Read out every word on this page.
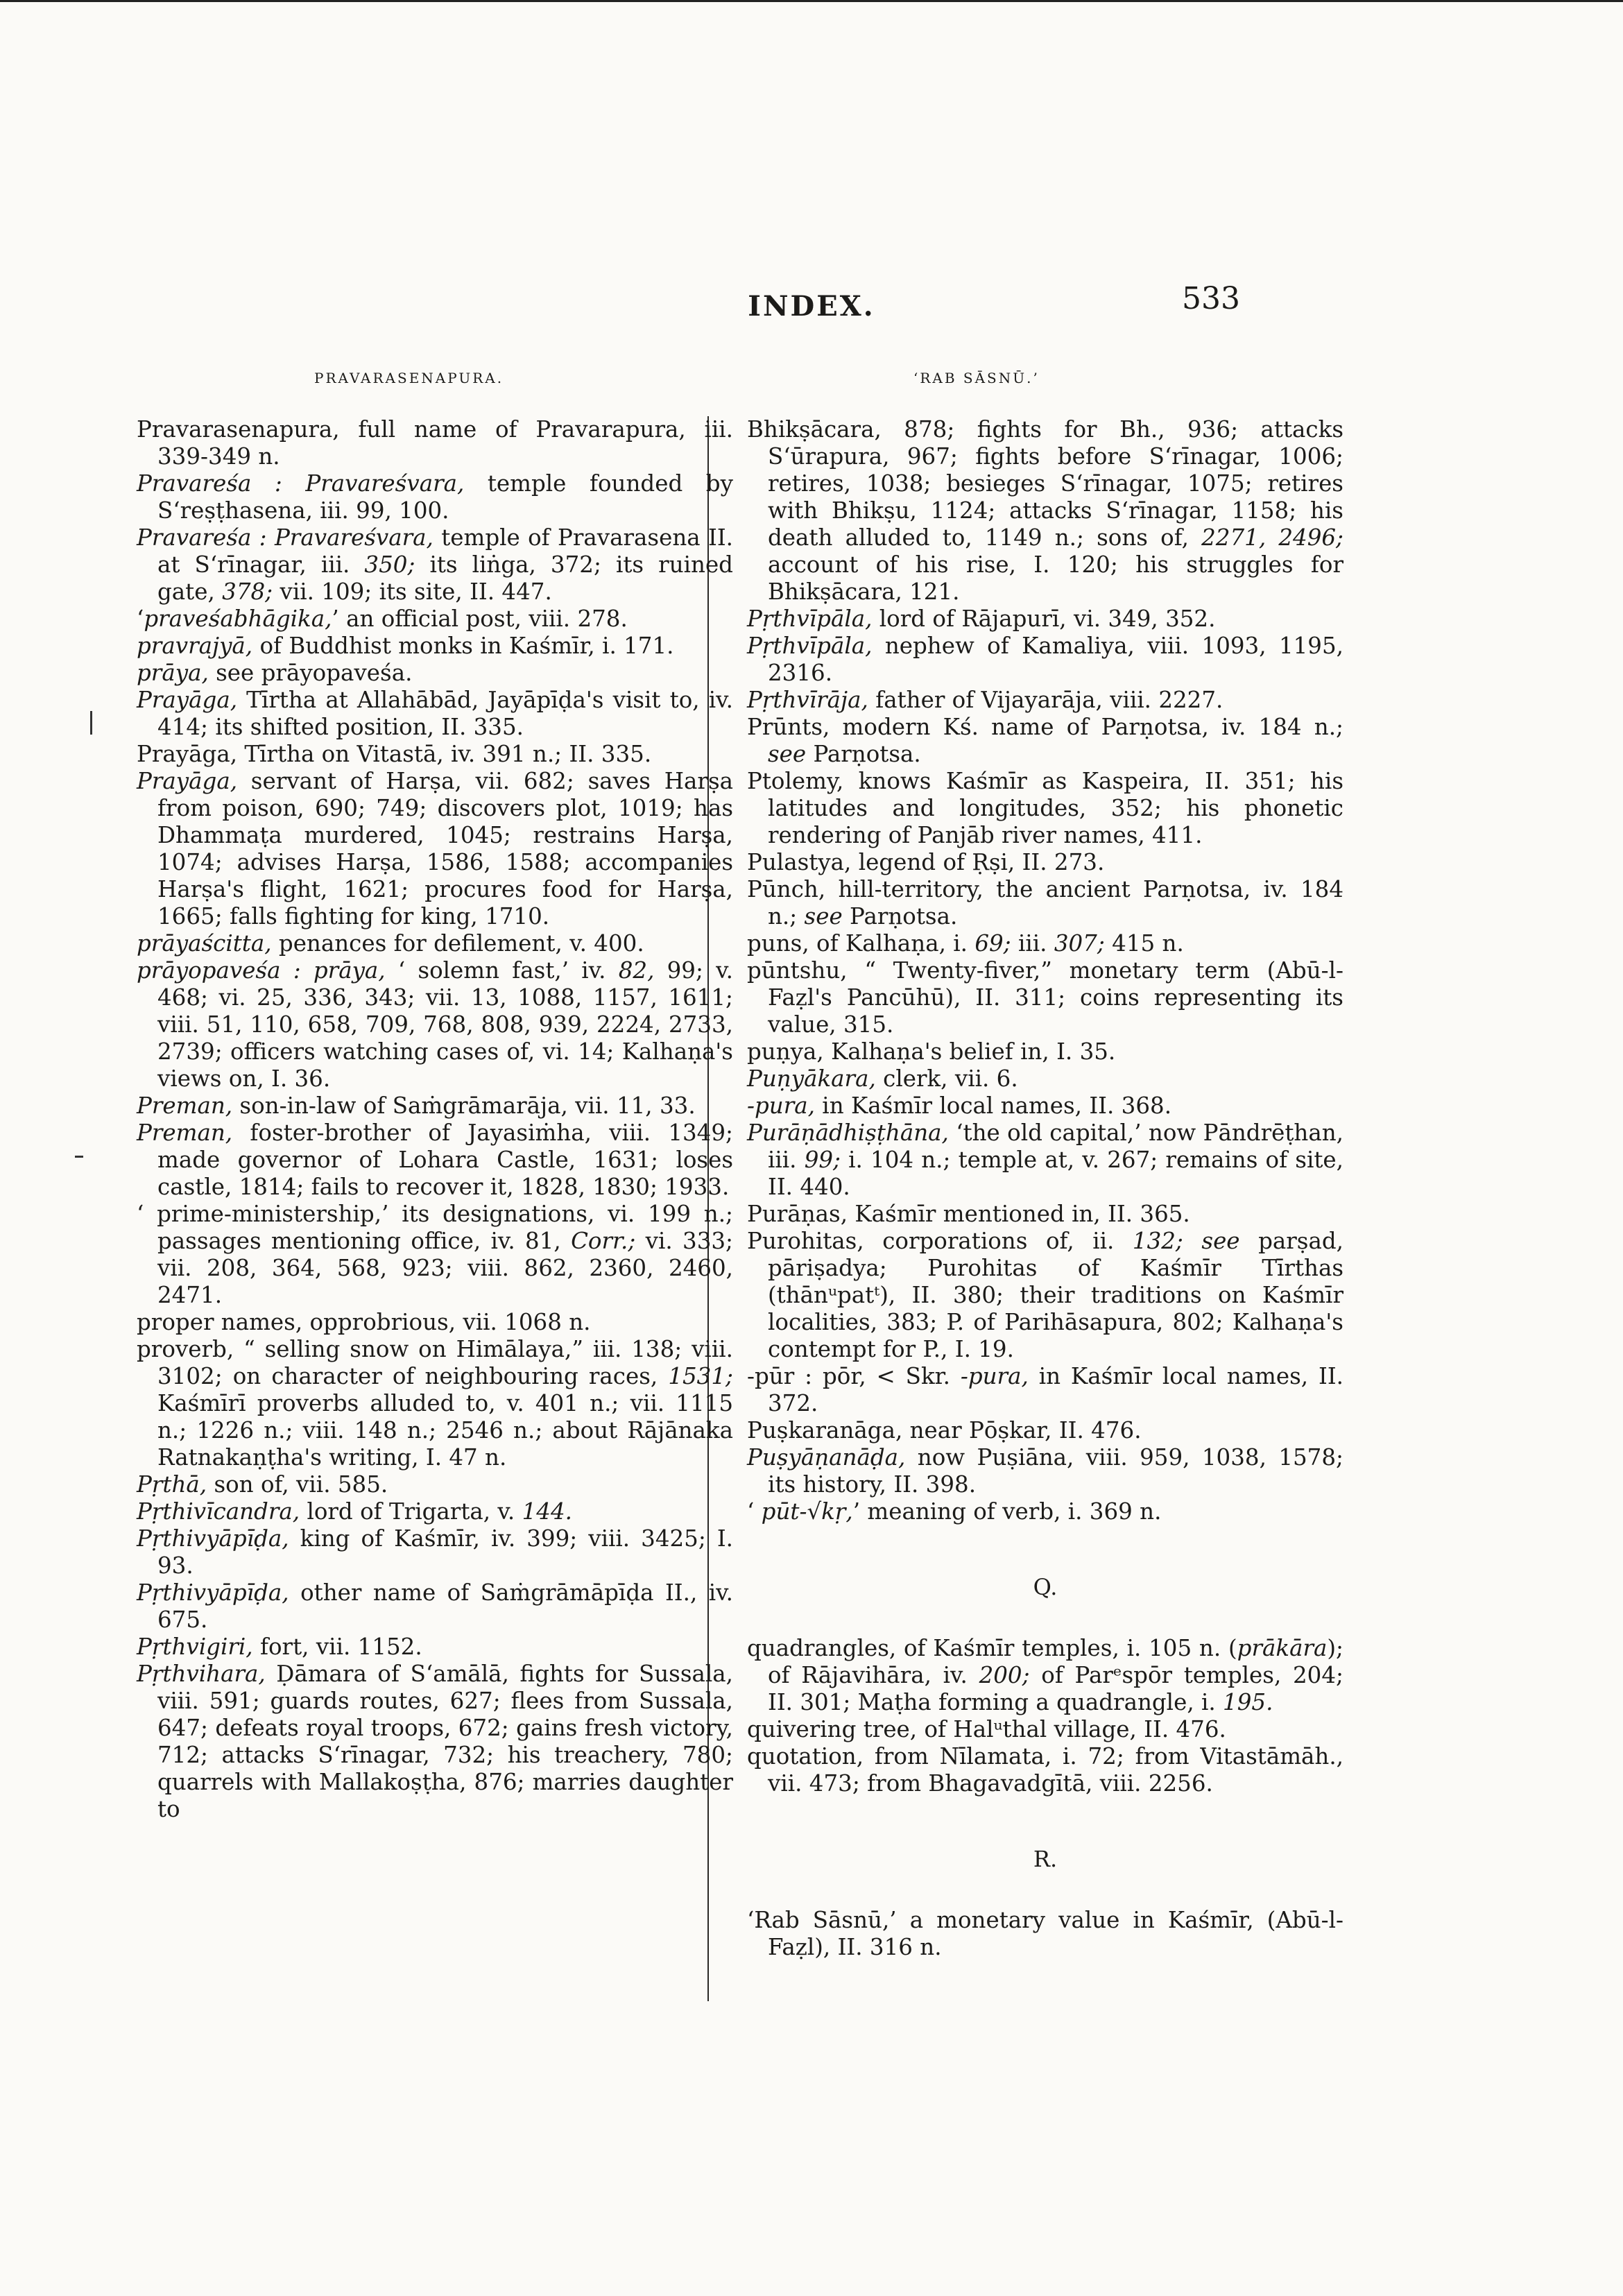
INDEX.	533
PRAVARASENAPURA.	‘RAB SĀSNŪ.’

Pravarasenapura, full name of Pravarapura, iii. 339-349 n.

Pravareśa : Pravareśvara, temple founded by S‘reṣṭhasena, iii. 99, 100.

Pravareśa : Pravareśvara, temple of Pravarasena II. at S‘rīnagar, iii. 350; its liṅga, 372; its ruined gate, 378; vii. 109; its site, II. 447.

‘praveśabhāgika,’ an official post, viii. 278.

pravrajyā, of Buddhist monks in Kaśmīr, i. 171.

prāya, see prāyopaveśa.

Prayāga, Tīrtha at Allahābād, Jayāpīḍa's visit to, iv. 414; its shifted position, II. 335.

Prayāga, Tīrtha on Vitastā, iv. 391 n.; II. 335.

Prayāga, servant of Harṣa, vii. 682; saves Harṣa from poison, 690; 749; discovers plot, 1019; has Dhammaṭa murdered, 1045; restrains Harṣa, 1074; advises Harṣa, 1586, 1588; accompanies Harṣa's flight, 1621; procures food for Harṣa, 1665; falls fighting for king, 1710.

prāyaścitta, penances for defilement, v. 400.

prāyopaveśa : prāya, ‘ solemn fast,’ iv. 82, 99; v. 468; vi. 25, 336, 343; vii. 13, 1088, 1157, 1611; viii. 51, 110, 658, 709, 768, 808, 939, 2224, 2733, 2739; officers watching cases of, vi. 14; Kalhaṇa's views on, I. 36.

Preman, son-in-law of Saṁgrāmarāja, vii. 11, 33.

Preman, foster-brother of Jayasiṁha, viii. 1349; made governor of Lohara Castle, 1631; loses castle, 1814; fails to recover it, 1828, 1830; 1933.

‘ prime-ministership,’ its designations, vi. 199 n.; passages mentioning office, iv. 81, Corr.; vi. 333; vii. 208, 364, 568, 923; viii. 862, 2360, 2460, 2471.

proper names, opprobrious, vii. 1068 n.

proverb, “ selling snow on Himālaya,” iii. 138; viii. 3102; on character of neighbouring races, 1531; Kaśmīrī proverbs alluded to, v. 401 n.; vii. 1115 n.; 1226 n.; viii. 148 n.; 2546 n.; about Rājānaka Ratnakaṇṭha's writing, I. 47 n.

Pṛthā, son of, vii. 585.

Pṛthivīcandra, lord of Trigarta, v. 144.

Pṛthivyāpīḍa, king of Kaśmīr, iv. 399; viii. 3425; I. 93.

Pṛthivyāpīḍa, other name of Saṁgrāmāpīḍa II., iv. 675.

Pṛthvigiri, fort, vii. 1152.

Pṛthvihara, Ḍāmara of S‘amālā, fights for Sussala, viii. 591; guards routes, 627; flees from Sussala, 647; defeats royal troops, 672; gains fresh victory, 712; attacks S‘rīnagar, 732; his treachery, 780; quarrels with Mallakoṣṭha, 876; marries daughter to

Bhikṣācara, 878; fights for Bh., 936; attacks S‘ūrapura, 967; fights before S‘rīnagar, 1006; retires, 1038; besieges S‘rīnagar, 1075; retires with Bhikṣu, 1124; attacks S‘rīnagar, 1158; his death alluded to, 1149 n.; sons of, 2271, 2496; account of his rise, I. 120; his struggles for Bhikṣācara, 121.

Pṛthvīpāla, lord of Rājapurī, vi. 349, 352.

Pṛthvīpāla, nephew of Kamaliya, viii. 1093, 1195, 2316.

Pṛthvīrāja, father of Vijayarāja, viii. 2227.

Prūnts, modern Kś. name of Parṇotsa, iv. 184 n.; see Parṇotsa.

Ptolemy, knows Kaśmīr as Kaspeira, II. 351; his latitudes and longitudes, 352; his phonetic rendering of Panjāb river names, 411.

Pulastya, legend of Ṛṣi, II. 273.

Pūnch, hill-territory, the ancient Parṇotsa, iv. 184 n.; see Parṇotsa.

puns, of Kalhaṇa, i. 69; iii. 307; 415 n.

pūntshu, “ Twenty-fiver,” monetary term (Abū-l-Faẓl's Pancūhū), II. 311; coins representing its value, 315.

puṇya, Kalhaṇa's belief in, I. 35.

Puṇyākara, clerk, vii. 6.

-pura, in Kaśmīr local names, II. 368.

Purāṇādhiṣṭhāna, ‘the old capital,’ now Pāndrēṭhan, iii. 99; i. 104 n.; temple at, v. 267; remains of site, II. 440.

Purāṇas, Kaśmīr mentioned in, II. 365.

Purohitas, corporations of, ii. 132; see parṣad, pāriṣadya; Purohitas of Kaśmīr Tīrthas (thānᵘpatᵗ), II. 380; their traditions on Kaśmīr localities, 383; P. of Parihāsapura, 802; Kalhaṇa's contempt for P., I. 19.

-pūr : pōr, < Skr. -pura, in Kaśmīr local names, II. 372.

Puṣkaranāga, near Pōṣkar, II. 476.

Puṣyāṇanāḍa, now Puṣiāna, viii. 959, 1038, 1578; its history, II. 398.

‘ pūt-√kṛ,’ meaning of verb, i. 369 n.

Q.

quadrangles, of Kaśmīr temples, i. 105 n. (prākāra); of Rājavihāra, iv. 200; of Parᵉspōr temples, 204; II. 301; Maṭha forming a quadrangle, i. 195.

quivering tree, of Halᵘthal village, II. 476.

quotation, from Nīlamata, i. 72; from Vitastāmāh., vii. 473; from Bhagavadgītā, viii. 2256.

R.

‘Rab Sāsnū,’ a monetary value in Kaśmīr, (Abū-l-Faẓl), II. 316 n.
